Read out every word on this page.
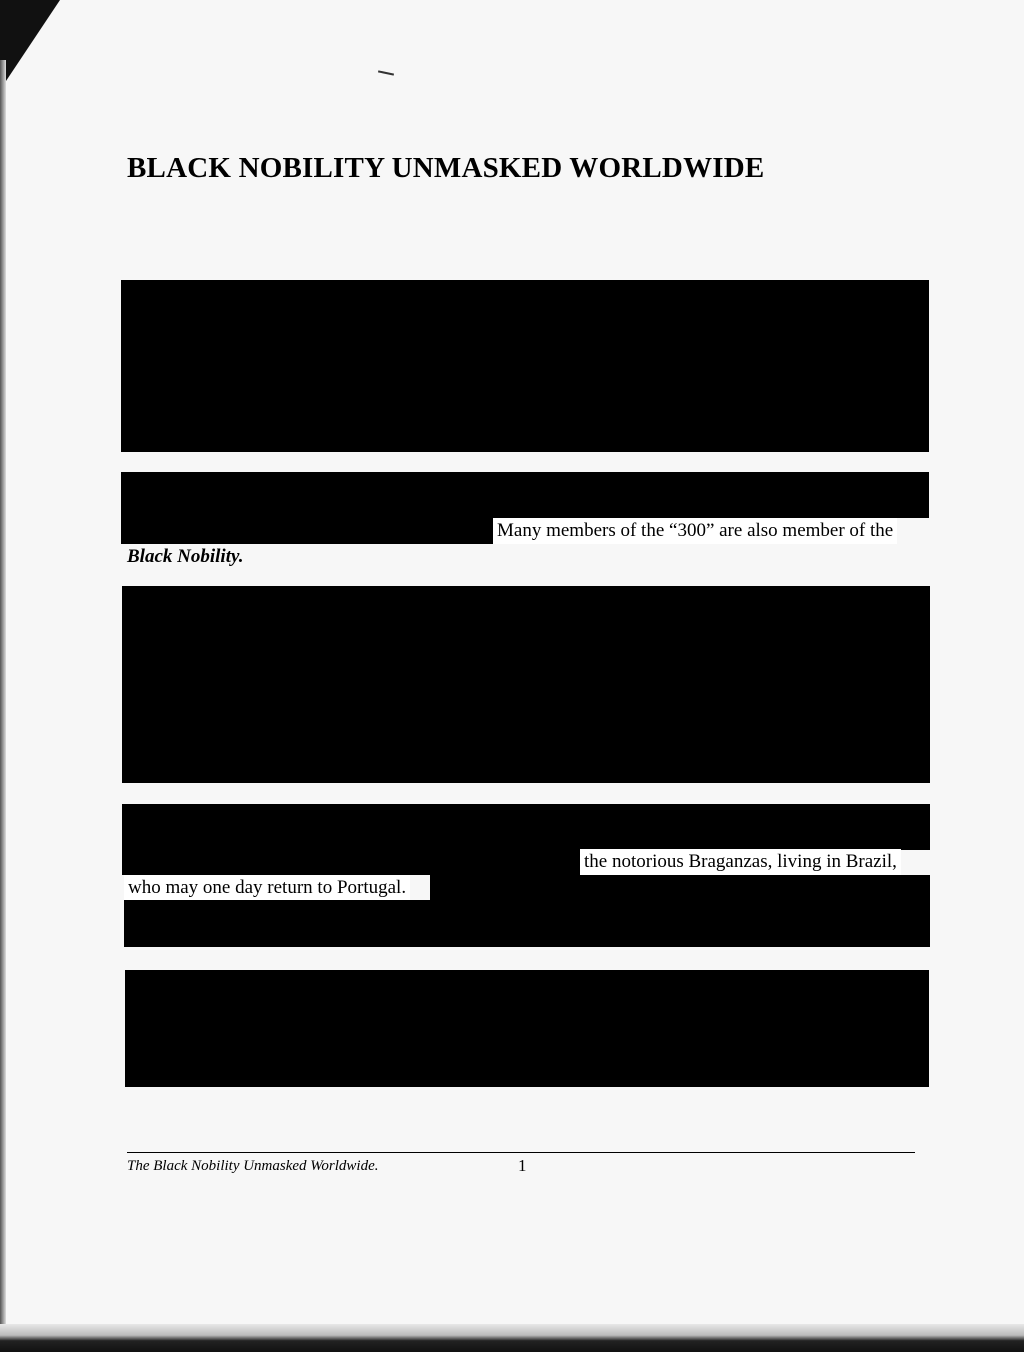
BLACK NOBILITY UNMASKED WORLDWIDE

Many members of the “300” are also member of the
Black Nobility.
the notorious Braganzas, living in Brazil,
who may one day return to Portugal.
The Black Nobility Unmasked Worldwide.	1
